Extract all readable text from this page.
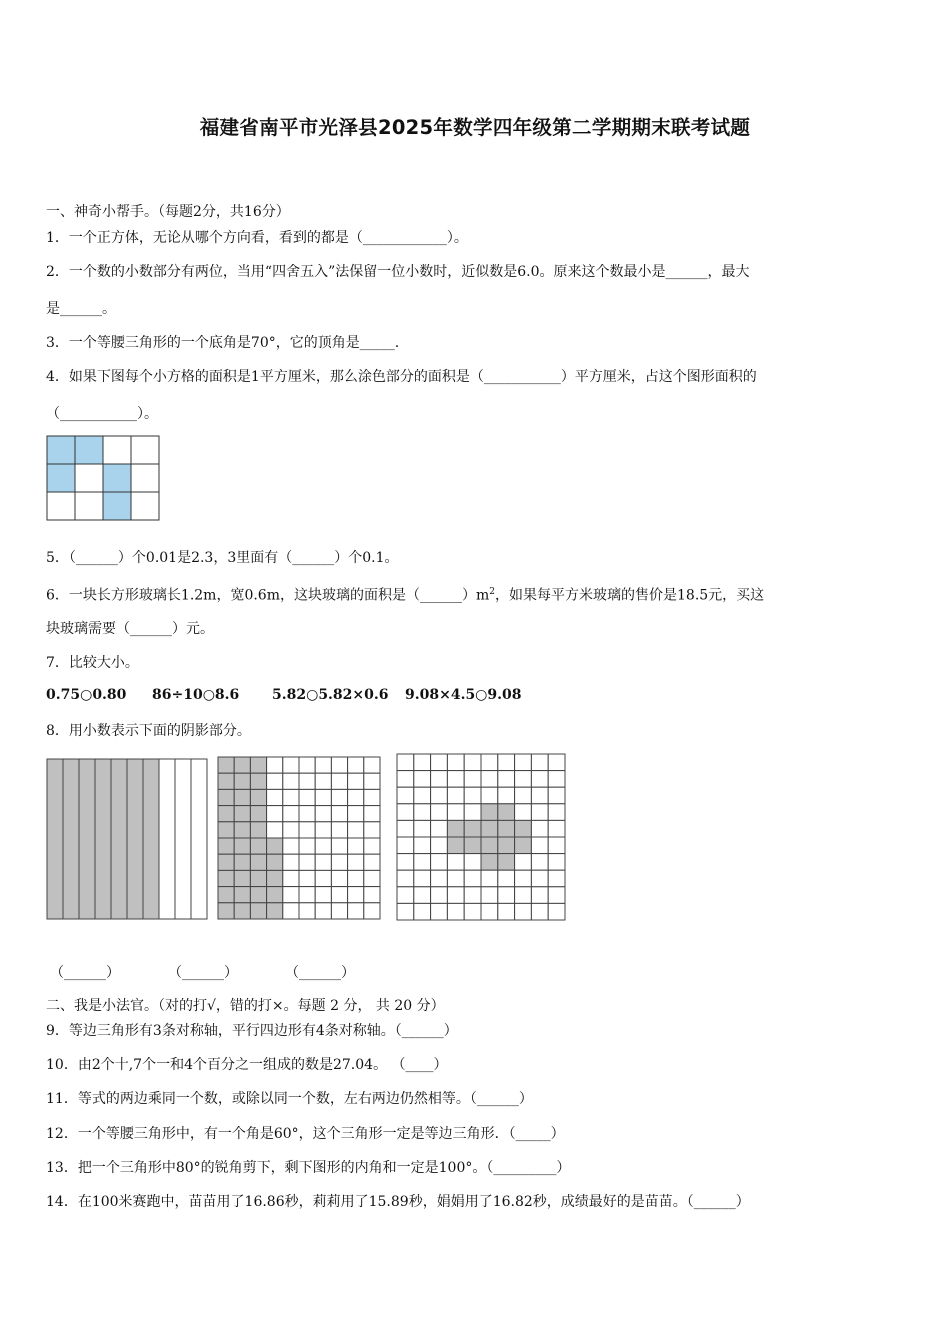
福建省南平市光泽县2025年数学四年级第二学期期末联考试题
一、神奇小帮手。（每题2分，共16分）
1．一个正方体，无论从哪个方向看，看到的都是（____________）。
2．一个数的小数部分有两位，当用“四舍五入”法保留一位小数时，近似数是6.0。原来这个数最小是______，最大
是______。
3．一个等腰三角形的一个底角是70°，它的顶角是_____.
4．如果下图每个小方格的面积是1平方厘米，那么涂色部分的面积是（___________）平方厘米，占这个图形面积的
（___________）。
5．（______）个0.01是2.3，3里面有（______）个0.1。
6．一块长方形玻璃长1.2m，宽0.6m，这块玻璃的面积是$(\_\_\_\_\_\_)m^2$，如果每平方米玻璃的售价是18.5元，买这
块玻璃需要（______）元。
7．比较大小。
0.75○0.80 86÷10○8.6 5.82○5.82×0.6 9.08×4.5○9.08
8．用小数表示下面的阴影部分。
（______）	（______）	（______）
二、我是小法官。（对的打√，错的打×。每题 2 分， 共 20 分）
9．等边三角形有3条对称轴，平行四边形有4条对称轴。（______）
10．由2个十,7个一和4个百分之一组成的数是27.04。 （____）
11．等式的两边乘同一个数，或除以同一个数，左右两边仍然相等。（______）
12．一个等腰三角形中，有一个角是60°，这个三角形一定是等边三角形．（_____）
13．把一个三角形中80°的锐角剪下，剩下图形的内角和一定是100°。（_________）
14．在100米赛跑中，苗苗用了16.86秒，莉莉用了15.89秒，娟娟用了16.82秒，成绩最好的是苗苗。（______）
